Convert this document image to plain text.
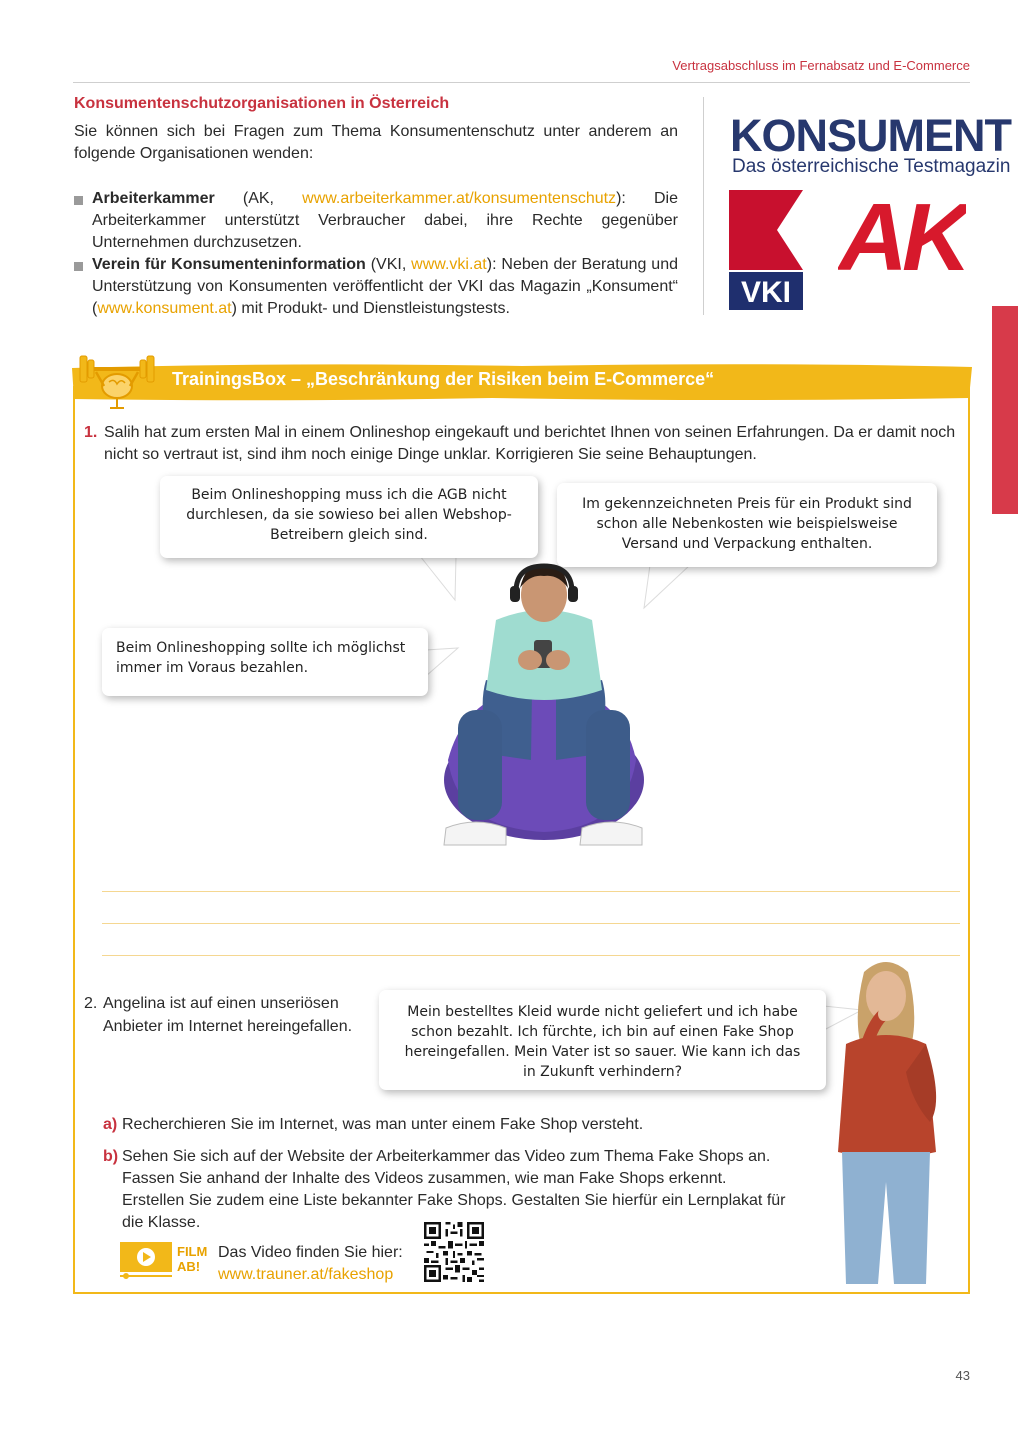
Vertragsabschluss im Fernabsatz und E-Commerce
Konsumentenschutzorganisationen in Österreich
Sie können sich bei Fragen zum Thema Konsumentenschutz unter anderem an folgende Organisationen wenden:
Arbeiterkammer (AK, www.arbeiterkammer.at/konsumentenschutz): Die Arbeiterkammer unterstützt Verbraucher dabei, ihre Rechte gegenüber Unternehmen durchzusetzen.
Verein für Konsumenteninformation (VKI, www.vki.at): Neben der Beratung und Unterstützung von Konsumenten veröffentlicht der VKI das Magazin „Konsument“ (www.konsument.at) mit Produkt- und Dienstleistungstests.
KONSUMENT
Das österreichische Testmagazin
VKI
AK
TrainingsBox – „Beschränkung der Risiken beim E-Commerce“
1. Salih hat zum ersten Mal in einem Onlineshop eingekauft und berichtet Ihnen von seinen Erfahrungen. Da er damit noch nicht so vertraut ist, sind ihm noch einige Dinge unklar. Korrigieren Sie seine Behauptungen.
Beim Onlineshopping muss ich die AGB nicht durchlesen, da sie sowieso bei allen Webshop-Betreibern gleich sind.
Im gekennzeichneten Preis für ein Produkt sind schon alle Nebenkosten wie beispielsweise Versand und Verpackung enthalten.
Beim Onlineshopping sollte ich möglichst immer im Voraus bezahlen.
2. Angelina ist auf einen unseriösen Anbieter im Internet hereingefallen.
Mein bestelltes Kleid wurde nicht geliefert und ich habe schon bezahlt. Ich fürchte, ich bin auf einen Fake Shop hereingefallen. Mein Vater ist so sauer. Wie kann ich das in Zukunft verhindern?
a) Recherchieren Sie im Internet, was man unter einem Fake Shop versteht.
b) Sehen Sie sich auf der Website der Arbeiterkammer das Video zum Thema Fake Shops an.
Fassen Sie anhand der Inhalte des Videos zusammen, wie man Fake Shops erkennt. Erstellen Sie zudem eine Liste bekannter Fake Shops. Gestalten Sie hierfür ein Lernplakat für die Klasse.
FILM
AB!
Das Video finden Sie hier:
www.trauner.at/fakeshop
43
